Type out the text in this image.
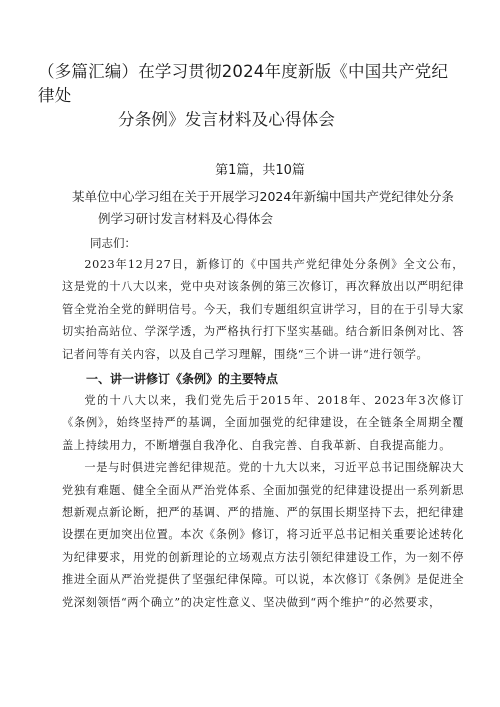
（多篇汇编）在学习贯彻2024年度新版《中国共产党纪律处
分条例》发言材料及心得体会

第1篇，共10篇

某单位中心学习组在关于开展学习2024年新编中国共产党纪律处分条
例学习研讨发言材料及心得体会

同志们：

2023年12月27日，新修订的《中国共产党纪律处分条例》全文公布，这是党的十八大以来，党中央对该条例的第三次修订，再次释放出以严明纪律管全党治全党的鲜明信号。今天，我们专题组织宣讲学习，目的在于引导大家切实抬高站位、学深学透，为严格执行打下坚实基础。结合新旧条例对比、答记者问等有关内容，以及自己学习理解，围绕“三个讲一讲“进行领学。

一、讲一讲修订《条例》的主要特点

党的十八大以来，我们党先后于2015年、2018年、2023年3次修订《条例》，始终坚持严的基调，全面加强党的纪律建设，在全链条全周期全覆盖上持续用力，不断增强自我净化、自我完善、自我革新、自我提高能力。

一是与时俱进完善纪律规范。党的十九大以来，习近平总书记围绕解决大党独有难题、健全全面从严治党体系、全面加强党的纪律建设提出一系列新思想新观点新论断，把严的基调、严的措施、严的氛围长期坚持下去，把纪律建设摆在更加突出位置。本次《条例》修订，将习近平总书记相关重要论述转化为纪律要求，用党的创新理论的立场观点方法引领纪律建设工作，为一刻不停推进全面从严治党提供了坚强纪律保障。可以说，本次修订《条例》是促进全党深刻领悟“两个确立”的决定性意义、坚决做到“两个维护”的必然要求，
